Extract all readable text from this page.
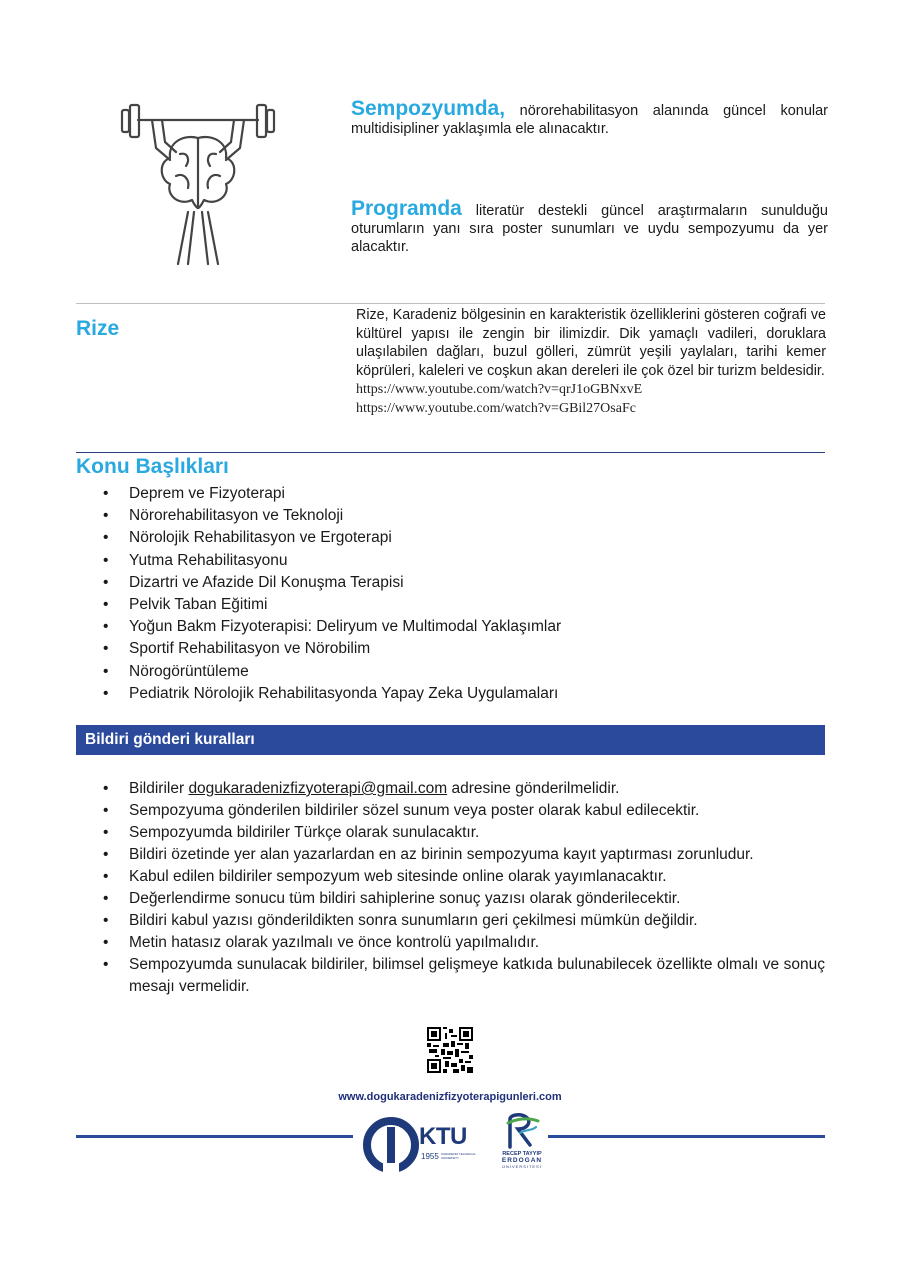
Sempozyumda, nörorehabilitasyon alanında güncel konular multidisipliner yaklaşımla ele alınacaktır.
Programda literatür destekli güncel araştırmaların sunulduğu oturumların yanı sıra poster sunumları ve uydu sempozyumu da yer alacaktır.
Rize
Rize, Karadeniz bölgesinin en karakteristik özelliklerini gösteren coğrafi ve kültürel yapısı ile zengin bir ilimizdir. Dik yamaçlı vadileri, doruklara ulaşılabilen dağları, buzul gölleri, zümrüt yeşili yaylaları, tarihi kemer köprüleri, kaleleri ve coşkun akan dereleri ile çok özel bir turizm beldesidir.
https://www.youtube.com/watch?v=qrJ1oGBNxvE
https://www.youtube.com/watch?v=GBil27OsaFc
Konu Başlıkları
• Deprem ve Fizyoterapi
• Nörorehabilitasyon ve Teknoloji
• Nörolojik Rehabilitasyon ve Ergoterapi
• Yutma Rehabilitasyonu
• Dizartri ve Afazide Dil Konuşma Terapisi
• Pelvik Taban Eğitimi
• Yoğun Bakm Fizyoterapisi: Deliryum ve Multimodal Yaklaşımlar
• Sportif Rehabilitasyon ve Nörobilim
• Nörogörüntüleme
• Pediatrik Nörolojik Rehabilitasyonda Yapay Zeka Uygulamaları
Bildiri gönderi kuralları
• Bildiriler dogukaradenizfizyoterapi@gmail.com adresine gönderilmelidir.
• Sempozyuma gönderilen bildiriler sözel sunum veya poster olarak kabul edilecektir.
• Sempozyumda bildiriler Türkçe olarak sunulacaktır.
• Bildiri özetinde yer alan yazarlardan en az birinin sempozyuma kayıt yaptırması zorunludur.
• Kabul edilen bildiriler sempozyum web sitesinde online olarak yayımlanacaktır.
• Değerlendirme sonucu tüm bildiri sahiplerine sonuç yazısı olarak gönderilecektir.
• Bildiri kabul yazısı gönderildikten sonra sunumların geri çekilmesi mümkün değildir.
• Metin hatasız olarak yazılmalı ve önce kontrolü yapılmalıdır.
• Sempozyumda sunulacak bildiriler, bilimsel gelişmeye katkıda bulunabilecek özellikte olmalı ve sonuç mesajı vermelidir.
www.dogukaradenizfizyoterapigunleri.com
KTU
1955 KARADENIZ TECHNICAL UNIVERSITY
RECEP TAYYIP
ERDOGAN
ÜNİVERSİTESİ
